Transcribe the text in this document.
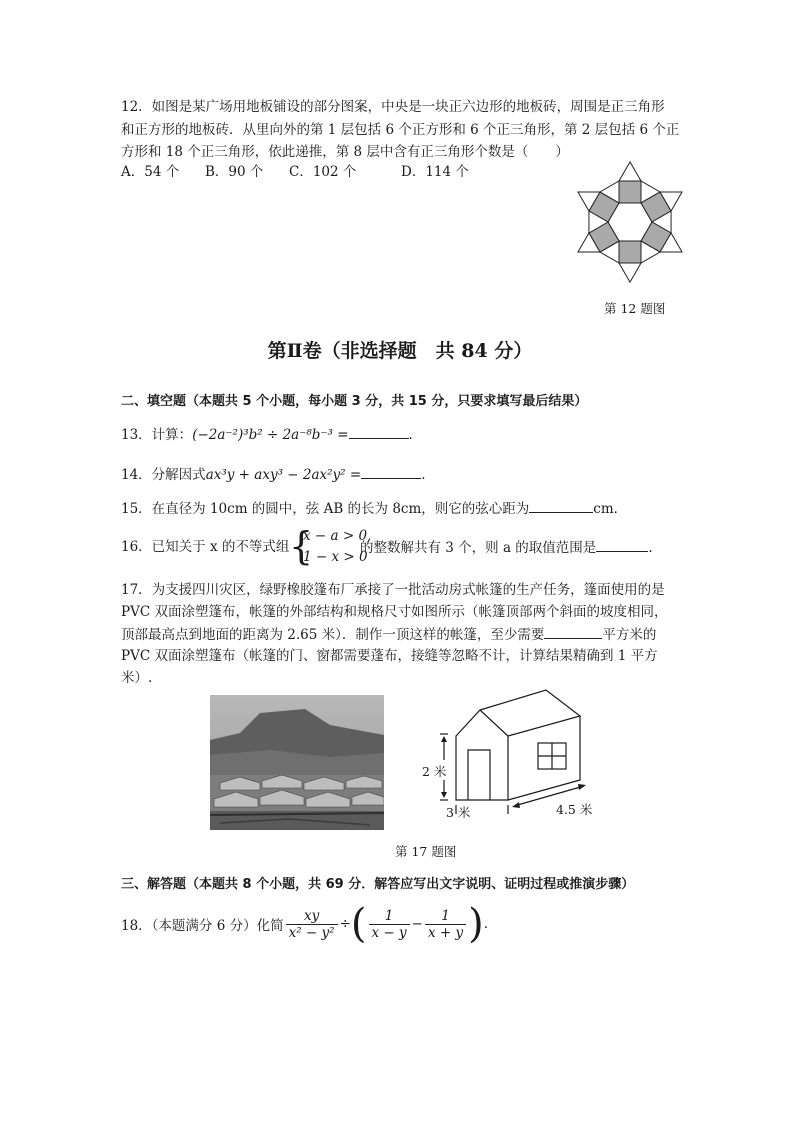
12．如图是某广场用地板铺设的部分图案，中央是一块正六边形的地板砖，周围是正三角形
和正方形的地板砖．从里向外的第 1 层包括 6 个正方形和 6 个正三角形，第 2 层包括 6 个正
方形和 18 个正三角形，依此递推，第 8 层中含有正三角形个数是（　　）
A．54 个 B．90 个 C．102 个	D．114 个
第 12 题图
第Ⅱ卷（非选择题　共 84 分）
二、填空题（本题共 5 个小题，每小题 3 分，共 15 分，只要求填写最后结果）
13．计算：(−2a⁻²)³b² ÷ 2a⁻⁸b⁻³ =	.
14．分解因式ax³y + axy³ − 2ax²y² =	.
15．在直径为 10cm 的圆中，弦 AB 的长为 8cm，则它的弦心距为	cm．
16．已知关于 x 的不等式组 {
x − a > 0,
1 − x > 0
的整数解共有 3 个，则 a 的取值范围是	.
17．为支援四川灾区，绿野橡胶篷布厂承接了一批活动房式帐篷的生产任务，篷面使用的是
PVC 双面涂塑篷布，帐篷的外部结构和规格尺寸如图所示（帐篷顶部两个斜面的坡度相同，
顶部最高点到地面的距离为 2.65 米）．制作一顶这样的帐篷，至少需要	平方米的
PVC 双面涂塑篷布（帐篷的门、窗都需要蓬布，接缝等忽略不计，计算结果精确到 1 平方
米）.
2 米
3 米	4.5 米
第 17 题图
三、解答题（本题共 8 个小题，共 69 分．解答应写出文字说明、证明过程或推演步骤）
18．（本题满分 6 分）化简 $\frac{xy}{\text{x² − y²}}$ ÷ ( $\frac{1}{x - y} - \frac{1}{x + y}$ ) .
